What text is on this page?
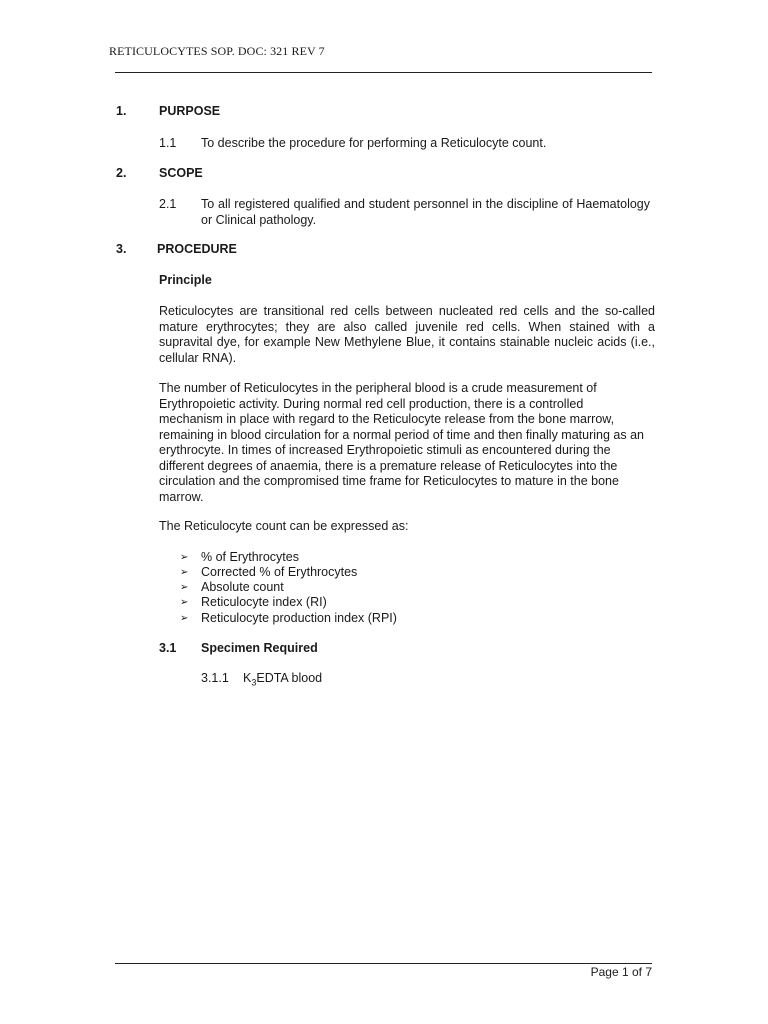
RETICULOCYTES SOP. DOC: 321 REV 7
1.	PURPOSE
1.1 To describe the procedure for performing a Reticulocyte count.
2.	SCOPE
2.1 To all registered qualified and student personnel in the discipline of Haematology or Clinical pathology.
3. PROCEDURE
Principle
Reticulocytes are transitional red cells between nucleated red cells and the so-called mature erythrocytes; they are also called juvenile red cells. When stained with a supravital dye, for example New Methylene Blue, it contains stainable nucleic acids (i.e., cellular RNA).
The number of Reticulocytes in the peripheral blood is a crude measurement of Erythropoietic activity. During normal red cell production, there is a controlled mechanism in place with regard to the Reticulocyte release from the bone marrow, remaining in blood circulation for a normal period of time and then finally maturing as an erythrocyte. In times of increased Erythropoietic stimuli as encountered during the different degrees of anaemia, there is a premature release of Reticulocytes into the circulation and the compromised time frame for Reticulocytes to mature in the bone marrow.
The Reticulocyte count can be expressed as:
➢	% of Erythrocytes
➢	Corrected % of Erythrocytes
➢	Absolute count
➢	Reticulocyte index (RI)
➢	Reticulocyte production index (RPI)
3.1 Specimen Required
3.1.1 $K_3EDTA$ blood
Page 1 of 7
